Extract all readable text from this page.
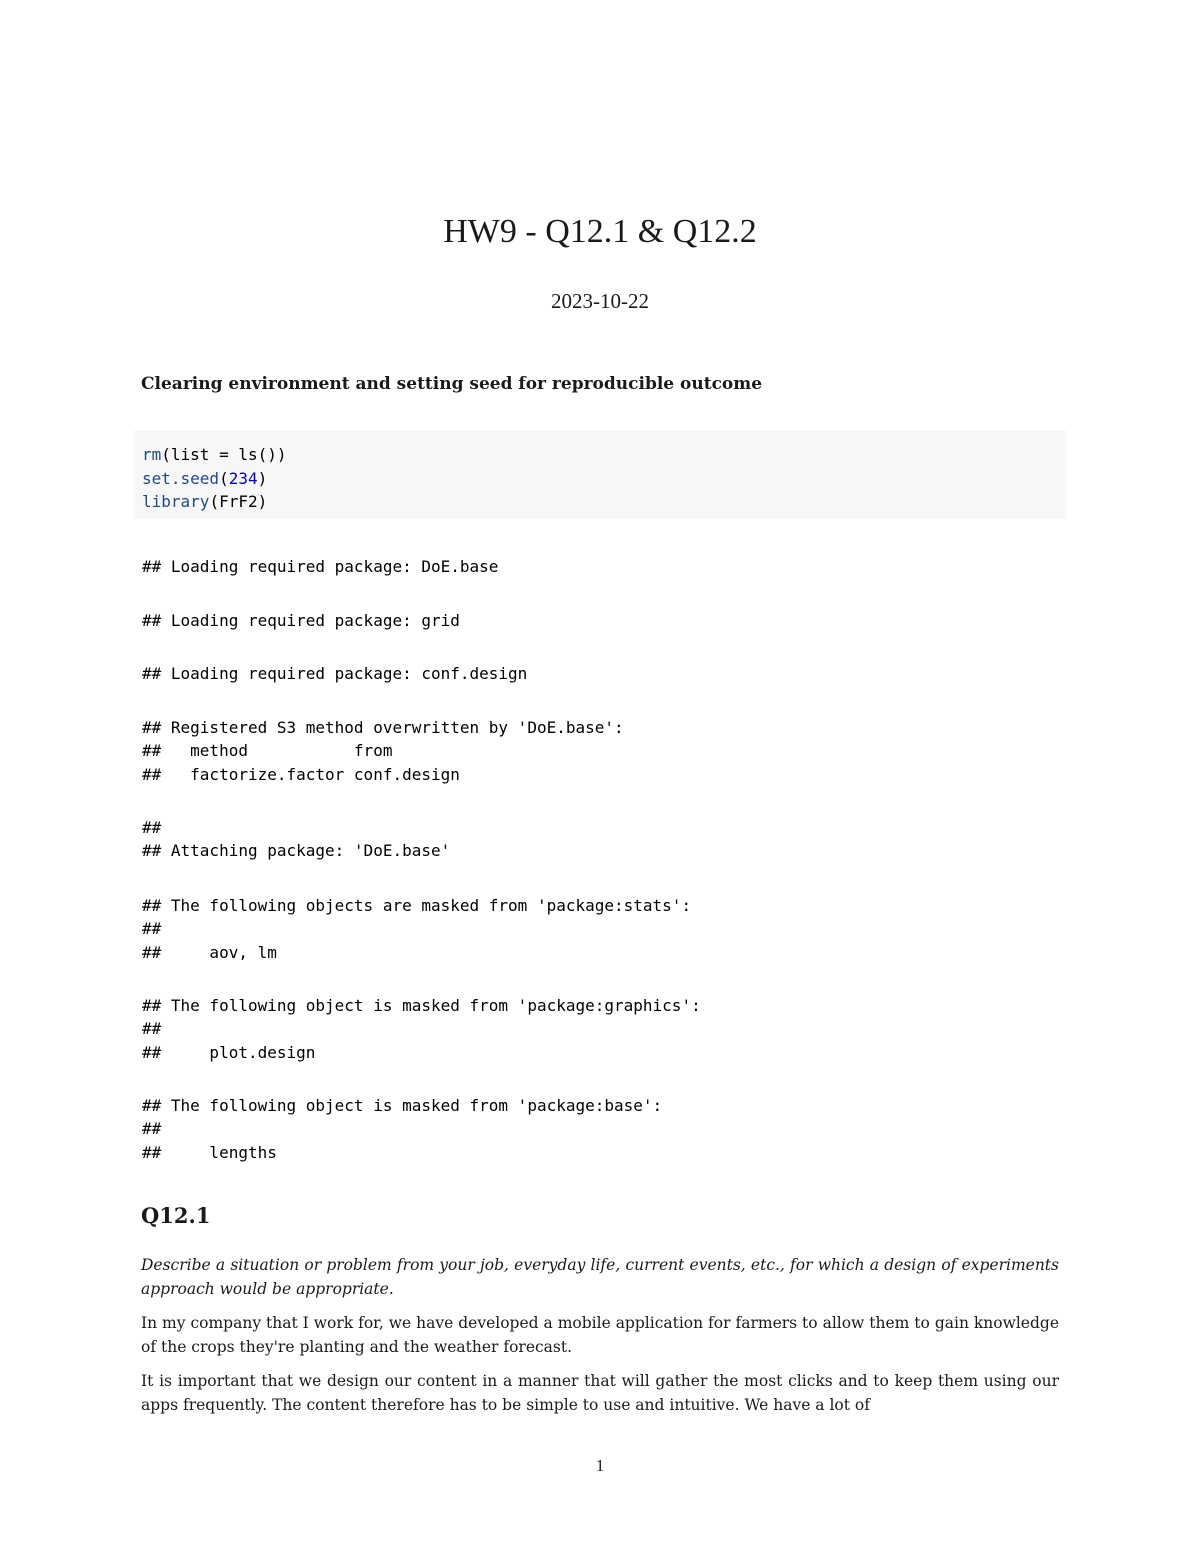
HW9 - Q12.1 & Q12.2
2023-10-22
Clearing environment and setting seed for reproducible outcome
rm(list = ls())
set.seed(234)
library(FrF2)
## Loading required package: DoE.base
## Loading required package: grid
## Loading required package: conf.design
## Registered S3 method overwritten by 'DoE.base':
##   method           from
##   factorize.factor conf.design
##
## Attaching package: 'DoE.base'
## The following objects are masked from 'package:stats':
##
##     aov, lm
## The following object is masked from 'package:graphics':
##
##     plot.design
## The following object is masked from 'package:base':
##
##     lengths
Q12.1

Describe a situation or problem from your job, everyday life, current events, etc., for which a design of experiments approach would be appropriate.

In my company that I work for, we have developed a mobile application for farmers to allow them to gain knowledge of the crops they're planting and the weather forecast.

It is important that we design our content in a manner that will gather the most clicks and to keep them using our apps frequently. The content therefore has to be simple to use and intuitive. We have a lot of

1
